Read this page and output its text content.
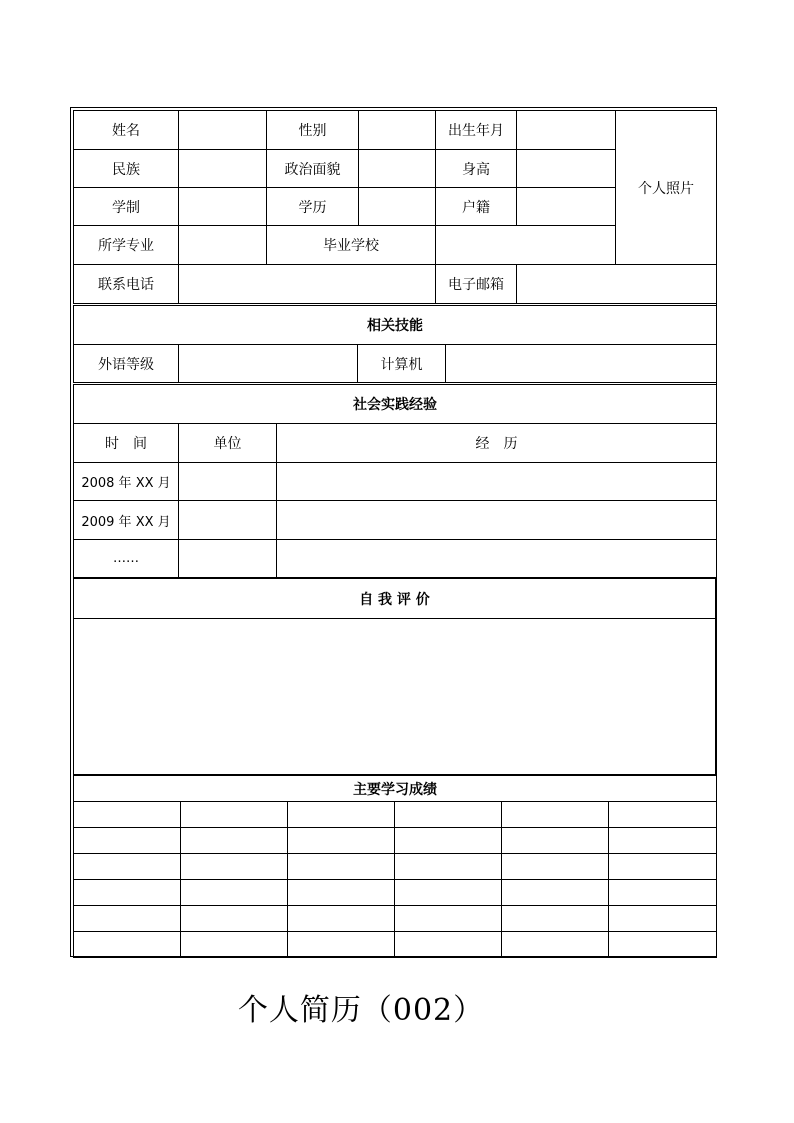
姓名		性别		出生年月		个人照片
民族		政治面貌		身高		
学制		学历		户籍		
所学专业		毕业学校				
联系电话				电子邮箱		
相关技能
外语等级		计算机	
社会实践经验		
时　间	单位	经　历
2008 年 XX 月		
2009 年 XX 月		
……		
自 我 评 价

主要学习成绩					

个人简历（002）
